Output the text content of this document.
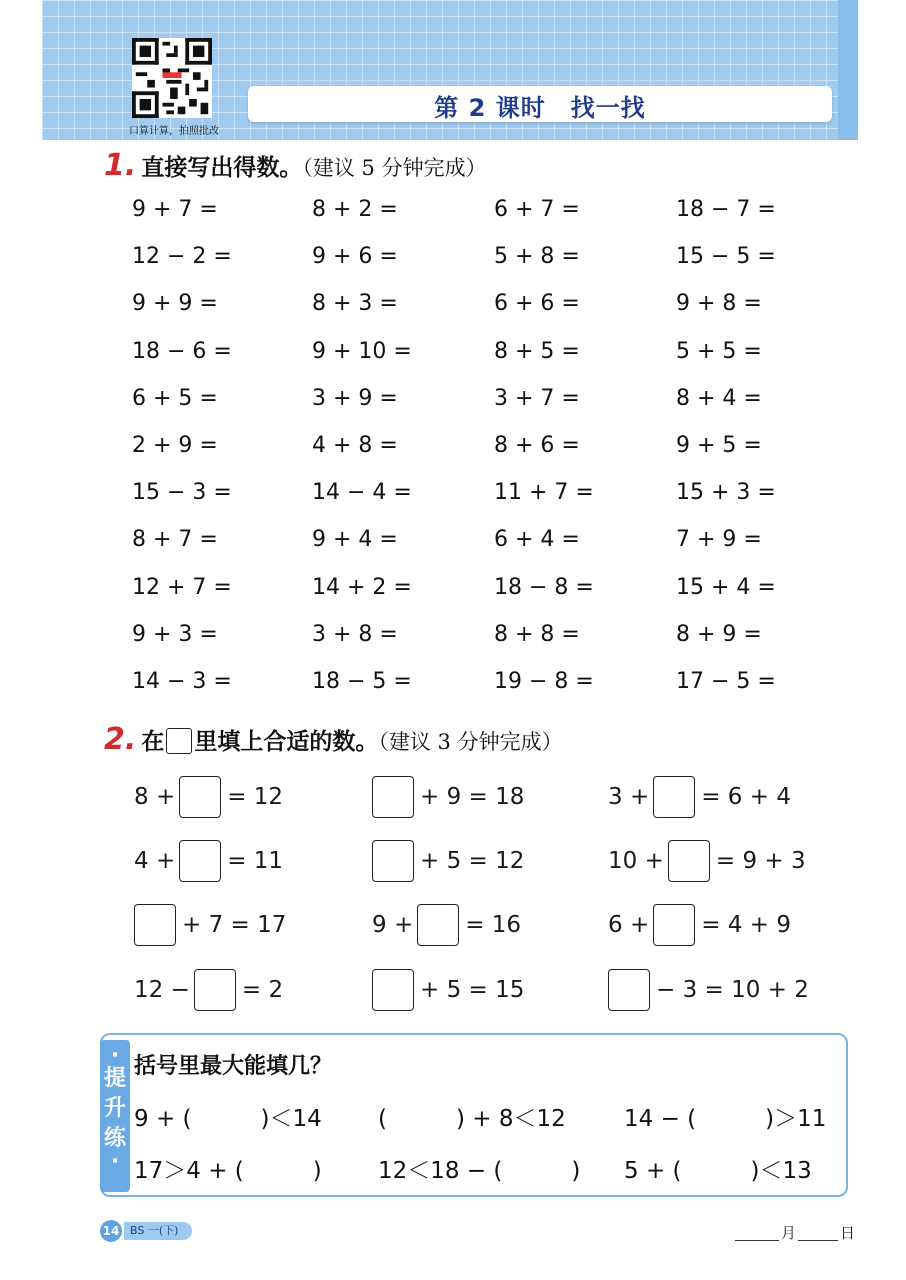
口算计算，拍照批改
第 2 课时　找一找
1. 直接写出得数。（建议 5 分钟完成）
9 + 7 =	8 + 2 =	6 + 7 =	18 − 7 =
12 − 2 =	9 + 6 =	5 + 8 =	15 − 5 =
9 + 9 =	8 + 3 =	6 + 6 =	9 + 8 =
18 − 6 =	9 + 10 =	8 + 5 =	5 + 5 =
6 + 5 =	3 + 9 =	3 + 7 =	8 + 4 =
2 + 9 =	4 + 8 =	8 + 6 =	9 + 5 =
15 − 3 =	14 − 4 =	11 + 7 =	15 + 3 =
8 + 7 =	9 + 4 =	6 + 4 =	7 + 9 =
12 + 7 =	14 + 2 =	18 − 8 =	15 + 4 =
9 + 3 =	3 + 8 =	8 + 8 =	8 + 9 =
14 − 3 =	18 − 5 =	19 − 8 =	17 − 5 =
2. 在 里填上合适的数。（建议 3 分钟完成）
8 + = 12	+ 9 = 18	3 + = 6 + 4
4 + = 11	+ 5 = 12	10 + = 9 + 3
+ 7 = 17	9 + = 16	6 + = 4 + 9
12 − = 2	+ 5 = 15	− 3 = 10 + 2
·
提
升
练
·
括号里最大能填几？
9 + (　　　)＜14 (　　　) + 8＜12	14 − (　　　)＞11
17＞4 + (　　　) 12＜18 − (　　　) 5 + (　　　)＜13
14 BS 一(下)	月	日
